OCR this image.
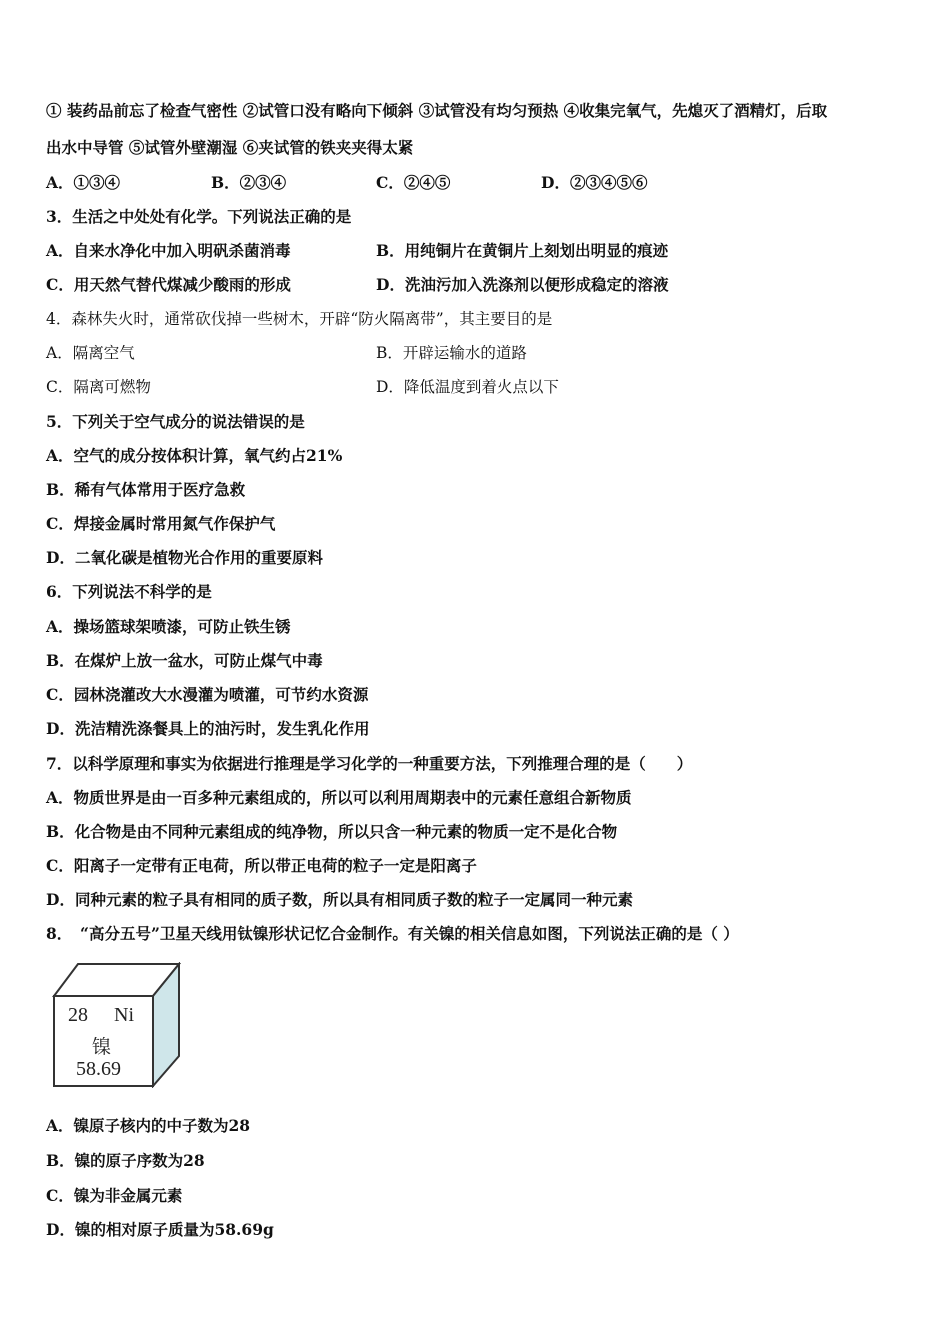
① 装药品前忘了检查气密性 ②试管口没有略向下倾斜 ③试管没有均匀预热 ④收集完氧气，先熄灭了酒精灯，后取
出水中导管 ⑤试管外壁潮湿 ⑥夹试管的铁夹夹得太紧
A．①③④	B．②③④	C．②④⑤	D．②③④⑤⑥
3．生活之中处处有化学。下列说法正确的是
A．自来水净化中加入明矾杀菌消毒	B．用纯铜片在黄铜片上刻划出明显的痕迹
C．用天然气替代煤减少酸雨的形成	D．洗油污加入洗涤剂以便形成稳定的溶液
4．森林失火时，通常砍伐掉一些树木，开辟“防火隔离带”，其主要目的是
A．隔离空气	B．开辟运输水的道路
C．隔离可燃物	D．降低温度到着火点以下
5．下列关于空气成分的说法错误的是
A．空气的成分按体积计算，氧气约占21%
B．稀有气体常用于医疗急救
C．焊接金属时常用氮气作保护气
D．二氧化碳是植物光合作用的重要原料
6．下列说法不科学的是
A．操场篮球架喷漆，可防止铁生锈
B．在煤炉上放一盆水，可防止煤气中毒
C．园林浇灌改大水漫灌为喷灌，可节约水资源
D．洗洁精洗涤餐具上的油污时，发生乳化作用
7．以科学原理和事实为依据进行推理是学习化学的一种重要方法，下列推理合理的是（　　）
A．物质世界是由一百多种元素组成的，所以可以利用周期表中的元素任意组合新物质
B．化合物是由不同种元素组成的纯净物，所以只含一种元素的物质一定不是化合物
C．阳离子一定带有正电荷，所以带正电荷的粒子一定是阳离子
D．同种元素的粒子具有相同的质子数，所以具有相同质子数的粒子一定属同一种元素
8．　“高分五号”卫星天线用钛镍形状记忆合金制作。有关镍的相关信息如图，下列说法正确的是（ ）
28 Ni
镍
58.69
A．镍原子核内的中子数为28
B．镍的原子序数为28
C．镍为非金属元素
D．镍的相对原子质量为58.69g
